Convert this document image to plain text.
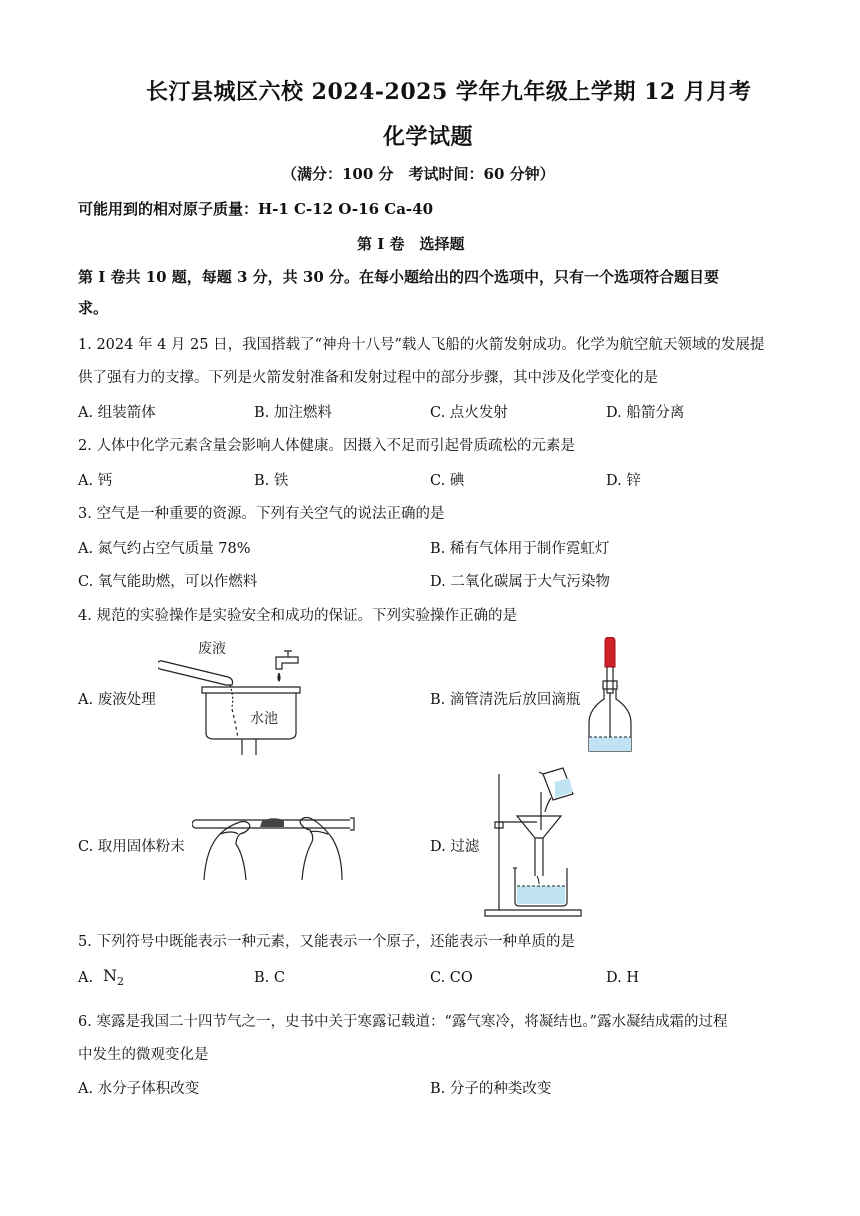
长汀县城区六校 2024-2025 学年九年级上学期 12 月月考
化学试题
（满分：100 分　考试时间：60 分钟）
可能用到的相对原子质量：H-1 C-12 O-16 Ca-40
第 I 卷　选择题
第 I 卷共 10 题，每题 3 分，共 30 分。在每小题给出的四个选项中，只有一个选项符合题目要
求。
1. 2024 年 4 月 25 日，我国搭载了“神舟十八号”载人飞船的火箭发射成功。化学为航空航天领域的发展提
供了强有力的支撑。下列是火箭发射准备和发射过程中的部分步骤，其中涉及化学变化的是
A. 组装箭体	B. 加注燃料	C. 点火发射	D. 船箭分离
2. 人体中化学元素含量会影响人体健康。因摄入不足而引起骨质疏松的元素是
A. 钙	B. 铁	C. 碘	D. 锌
3. 空气是一种重要的资源。下列有关空气的说法正确的是
A. 氮气约占空气质量 78%	B. 稀有气体用于制作霓虹灯
C. 氧气能助燃，可以作燃料	D. 二氧化碳属于大气污染物
4. 规范的实验操作是实验安全和成功的保证。下列实验操作正确的是
A. 废液处理	B. 滴管清洗后放回滴瓶
C. 取用固体粉末	D. 过滤
废液
水池
5. 下列符号中既能表示一种元素，又能表示一个原子，还能表示一种单质的是
A. $N_2$	B. C	C. CO	D. H
6. 寒露是我国二十四节气之一，史书中关于寒露记载道：“露气寒冷，将凝结也。”露水凝结成霜的过程
中发生的微观变化是
A. 水分子体积改变	B. 分子的种类改变
